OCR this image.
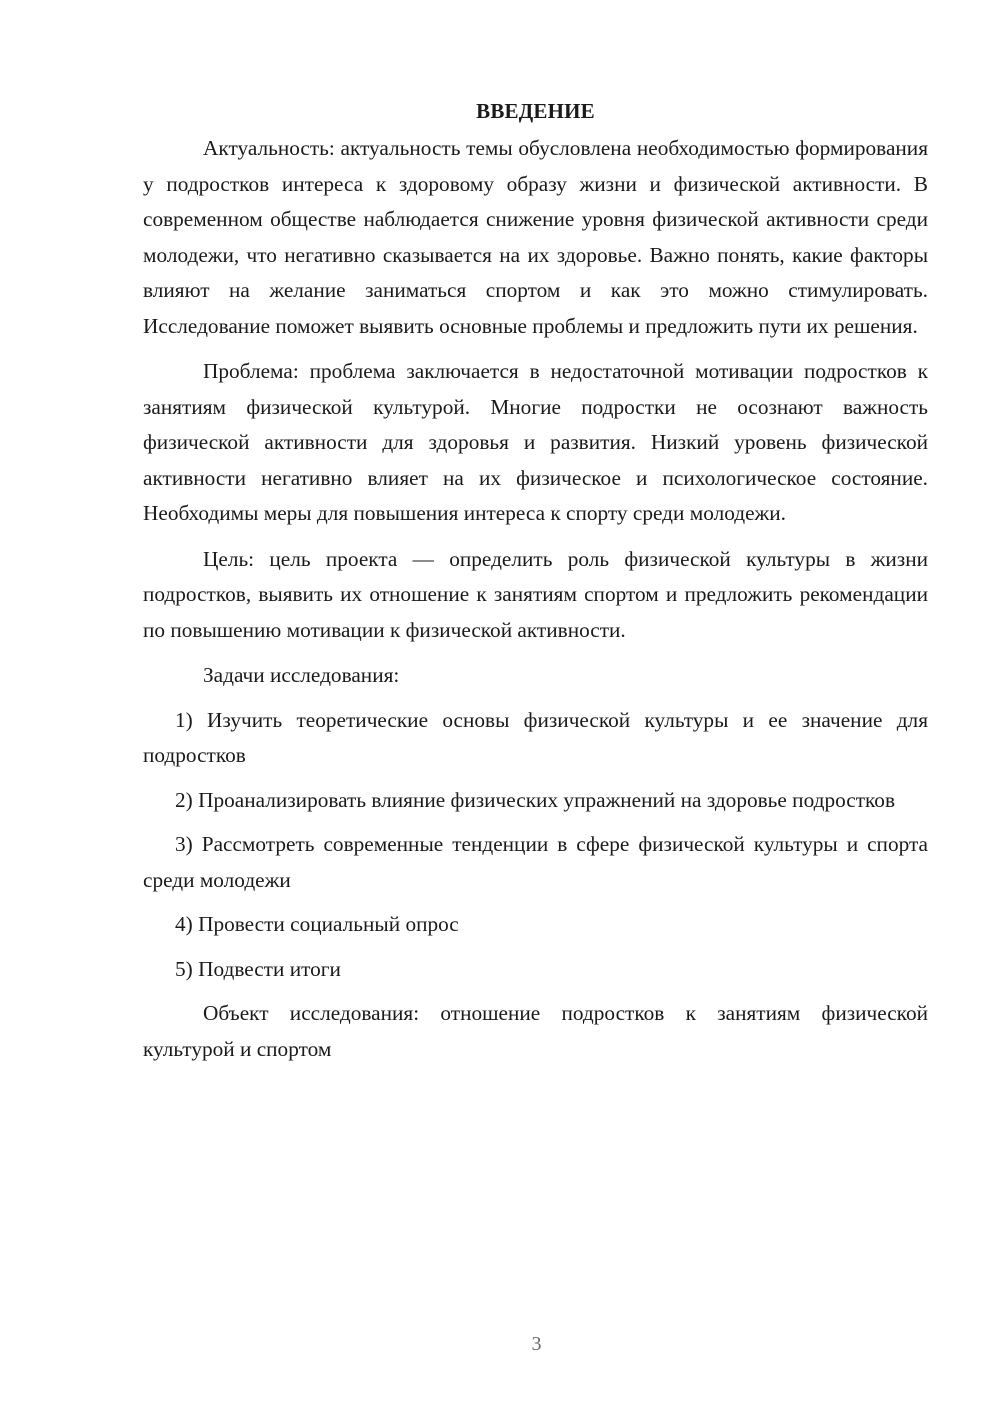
ВВЕДЕНИЕ

Актуальность: актуальность темы обусловлена необходимостью формирования у подростков интереса к здоровому образу жизни и физической активности. В современном обществе наблюдается снижение уровня физической активности среди молодежи, что негативно сказывается на их здоровье. Важно понять, какие факторы влияют на желание заниматься спортом и как это можно стимулировать. Исследование поможет выявить основные проблемы и предложить пути их решения.

Проблема: проблема заключается в недостаточной мотивации подростков к занятиям физической культурой. Многие подростки не осознают важность физической активности для здоровья и развития. Низкий уровень физической активности негативно влияет на их физическое и психологическое состояние. Необходимы меры для повышения интереса к спорту среди молодежи.

Цель: цель проекта — определить роль физической культуры в жизни подростков, выявить их отношение к занятиям спортом и предложить рекомендации по повышению мотивации к физической активности.

Задачи исследования:

1) Изучить теоретические основы физической культуры и ее значение для подростков
2) Проанализировать влияние физических упражнений на здоровье подростков
3) Рассмотреть современные тенденции в сфере физической культуры и спорта среди молодежи
4) Провести социальный опрос
5) Подвести итоги

Объект исследования: отношение подростков к занятиям физической культурой и спортом

3
